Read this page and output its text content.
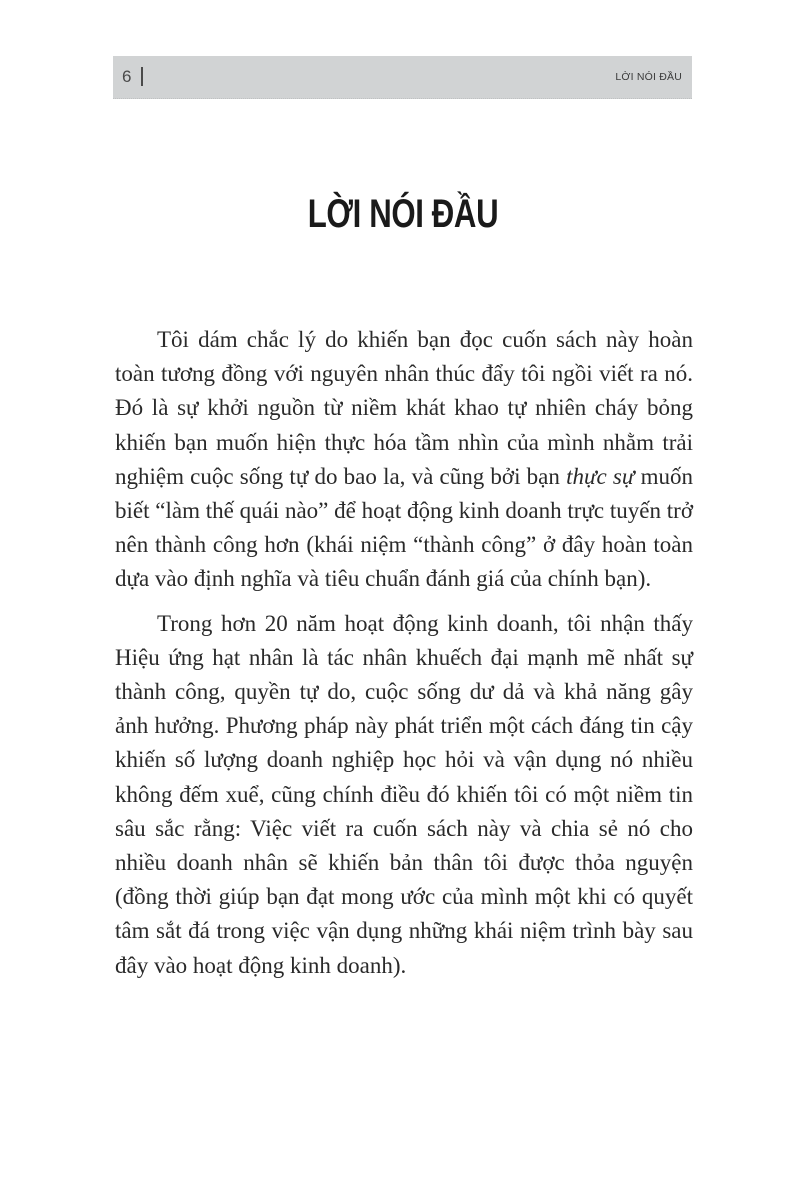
6	LỜI NÓI ĐẦU
LỜI NÓI ĐẦU

Tôi dám chắc lý do khiến bạn đọc cuốn sách này hoàn toàn tương đồng với nguyên nhân thúc đẩy tôi ngồi viết ra nó. Đó là sự khởi nguồn từ niềm khát khao tự nhiên cháy bỏng khiến bạn muốn hiện thực hóa tầm nhìn của mình nhằm trải nghiệm cuộc sống tự do bao la, và cũng bởi bạn thực sự muốn biết “làm thế quái nào” để hoạt động kinh doanh trực tuyến trở nên thành công hơn (khái niệm “thành công” ở đây hoàn toàn dựa vào định nghĩa và tiêu chuẩn đánh giá của chính bạn).

Trong hơn 20 năm hoạt động kinh doanh, tôi nhận thấy Hiệu ứng hạt nhân là tác nhân khuếch đại mạnh mẽ nhất sự thành công, quyền tự do, cuộc sống dư dả và khả năng gây ảnh hưởng. Phương pháp này phát triển một cách đáng tin cậy khiến số lượng doanh nghiệp học hỏi và vận dụng nó nhiều không đếm xuể, cũng chính điều đó khiến tôi có một niềm tin sâu sắc rằng: Việc viết ra cuốn sách này và chia sẻ nó cho nhiều doanh nhân sẽ khiến bản thân tôi được thỏa nguyện (đồng thời giúp bạn đạt mong ước của mình một khi có quyết tâm sắt đá trong việc vận dụng những khái niệm trình bày sau đây vào hoạt động kinh doanh).
